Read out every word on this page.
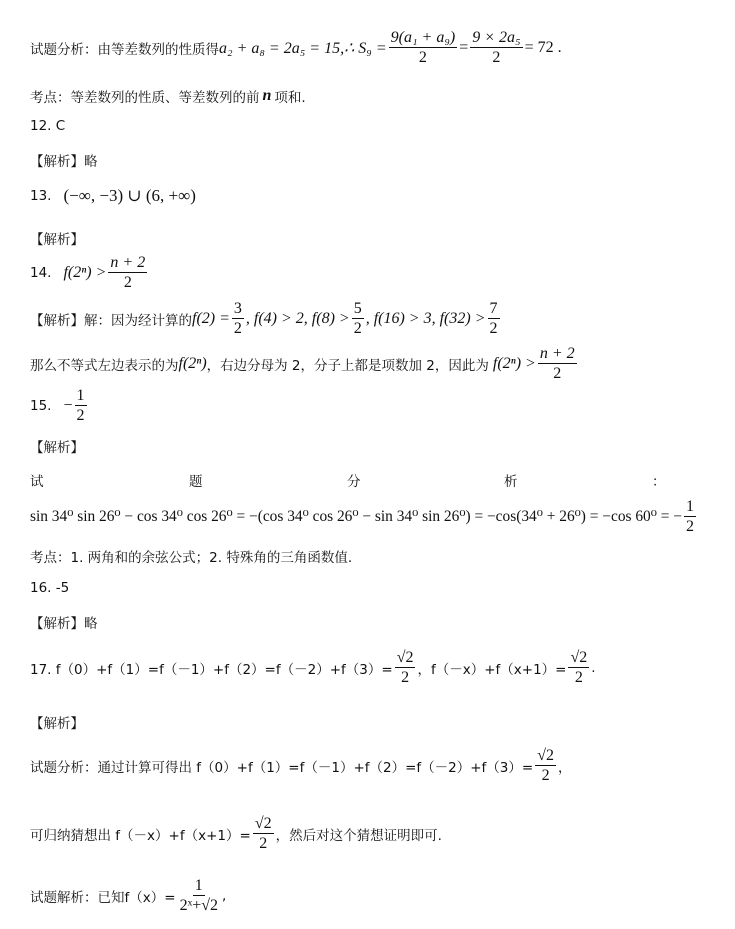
试题分析：由等差数列的性质得 a₂ + a₈ = 2a₅ = 15,∴ $S_9 = \frac{\text{9(a₁ + a₉)}}{2} = \frac{\text{9 × 2a₅}}{2} = 72$ .
考点：等差数列的性质、等差数列的前 n 项和.
12. C
【解析】 略
13. (−∞, −3) ∪ (6, +∞)
【解析】
14. $f(2^n) > \frac{n + 2}{2}$
【解析】 解：因为经计算的 $f(2) = \frac{3}{2}$ , f(4) > 2, $f(8) > \frac{5}{2}$ , f(16) > 3, $f(32) > \frac{7}{2}$
那么不等式左边表示的为 f(2ⁿ) ，右边分母为 2，分子上都是项数加 2，因此为 $f(2^n) > \frac{n + 2}{2}$
15. − $\frac{1}{2}$
【解析】
试	题	分	析	：
sin 34⁰ sin 26⁰ − cos 34⁰ cos 26⁰ = −(cos 34⁰ cos 26⁰ − sin 34⁰ sin 26⁰) = −cos(34⁰ + 26⁰) = −cos 60⁰ = − $\frac{1}{2}$
考点：1. 两角和的余弦公式；2. 特殊角的三角函数值.
16. -5
【解析】 略
17. $f(0)+f(1)=f(-1)+f(2)=f(-2)+f(3)= \frac{√2}{2}$ ，$f(-x)+f(x+1)= \frac{√2}{2}$ .
【解析】
试题分析：通过计算可得出 $f(0)+f(1)=f(-1)+f(2)=f(-2)+f(3)= \frac{√2}{2}$ ，
可归纳猜想出 $f(-x)+f(x+1)= \frac{√2}{2}$ ，然后对这个猜想证明即可.
试题解析：已知$f(x)= \frac{1}{\text{2ˣ+√2}}$ ,
